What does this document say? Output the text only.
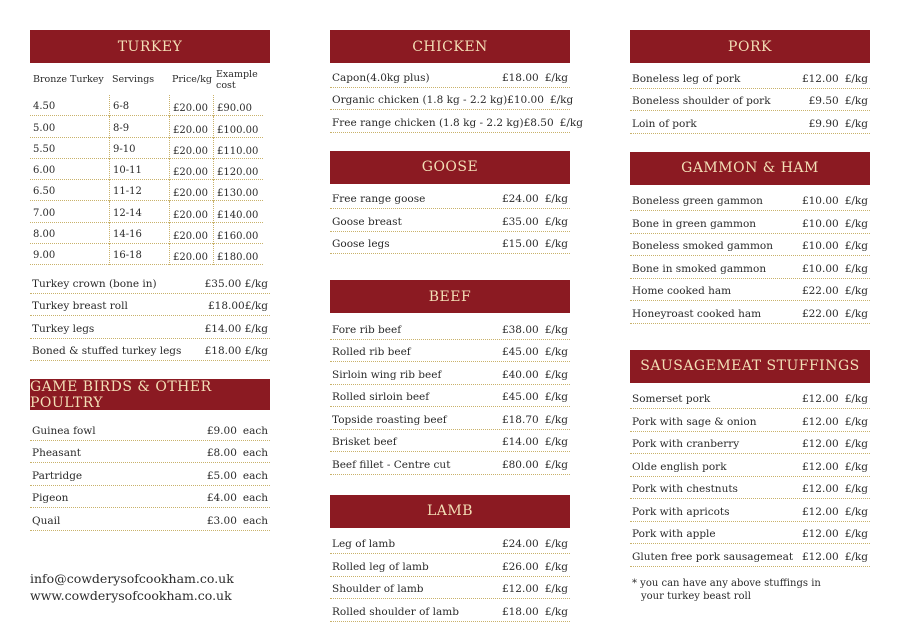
TURKEY
Bronze Turkey Servings	Price/kg Example cost
4.50	6-8	£20.00 £90.00
5.00	8-9	£20.00 £100.00
5.50	9-10	£20.00 £110.00
6.00	10-11	£20.00 £120.00
6.50	11-12	£20.00 £130.00
7.00	12-14	£20.00 £140.00
8.00	14-16	£20.00 £160.00
9.00	16-18	£20.00 £180.00
Turkey crown (bone in)	£35.00 £/kg
Turkey breast roll	£18.00£/kg
Turkey legs	£14.00 £/kg
Boned & stuffed turkey legs	£18.00 £/kg
GAME BIRDS & OTHER POULTRY
Guinea fowl	£9.00 each
Pheasant	£8.00 each
Partridge	£5.00 each
Pigeon	£4.00 each
Quail	£3.00 each
info@cowderysofcookham.co.uk
www.cowderysofcookham.co.uk
CHICKEN
Capon(4.0kg plus)	£18.00 £/kg
Organic chicken (1.8 kg - 2.2 kg) £10.00 £/kg
Free range chicken (1.8 kg - 2.2 kg) £8.50 £/kg
GOOSE
Free range goose	£24.00 £/kg
Goose breast	£35.00 £/kg
Goose legs	£15.00 £/kg
BEEF
Fore rib beef	£38.00 £/kg
Rolled rib beef	£45.00 £/kg
Sirloin wing rib beef	£40.00 £/kg
Rolled sirloin beef	£45.00 £/kg
Topside roasting beef	£18.70 £/kg
Brisket beef	£14.00 £/kg
Beef fillet - Centre cut	£80.00 £/kg
LAMB
Leg of lamb	£24.00 £/kg
Rolled leg of lamb	£26.00 £/kg
Shoulder of lamb	£12.00 £/kg
Rolled shoulder of lamb	£18.00 £/kg
PORK
Boneless leg of pork	£12.00 £/kg
Boneless shoulder of pork	£9.50 £/kg
Loin of pork	£9.90 £/kg
GAMMON & HAM
Boneless green gammon	£10.00 £/kg
Bone in green gammon	£10.00 £/kg
Boneless smoked gammon	£10.00 £/kg
Bone in smoked gammon	£10.00 £/kg
Home cooked ham	£22.00 £/kg
Honeyroast cooked ham	£22.00 £/kg
SAUSAGEMEAT STUFFINGS
Somerset pork	£12.00 £/kg
Pork with sage & onion	£12.00 £/kg
Pork with cranberry	£12.00 £/kg
Olde english pork	£12.00 £/kg
Pork with chestnuts	£12.00 £/kg
Pork with apricots	£12.00 £/kg
Pork with apple	£12.00 £/kg
Gluten free pork sausagemeat £12.00 £/kg
* you can have any above stuffings in
your turkey beast roll
